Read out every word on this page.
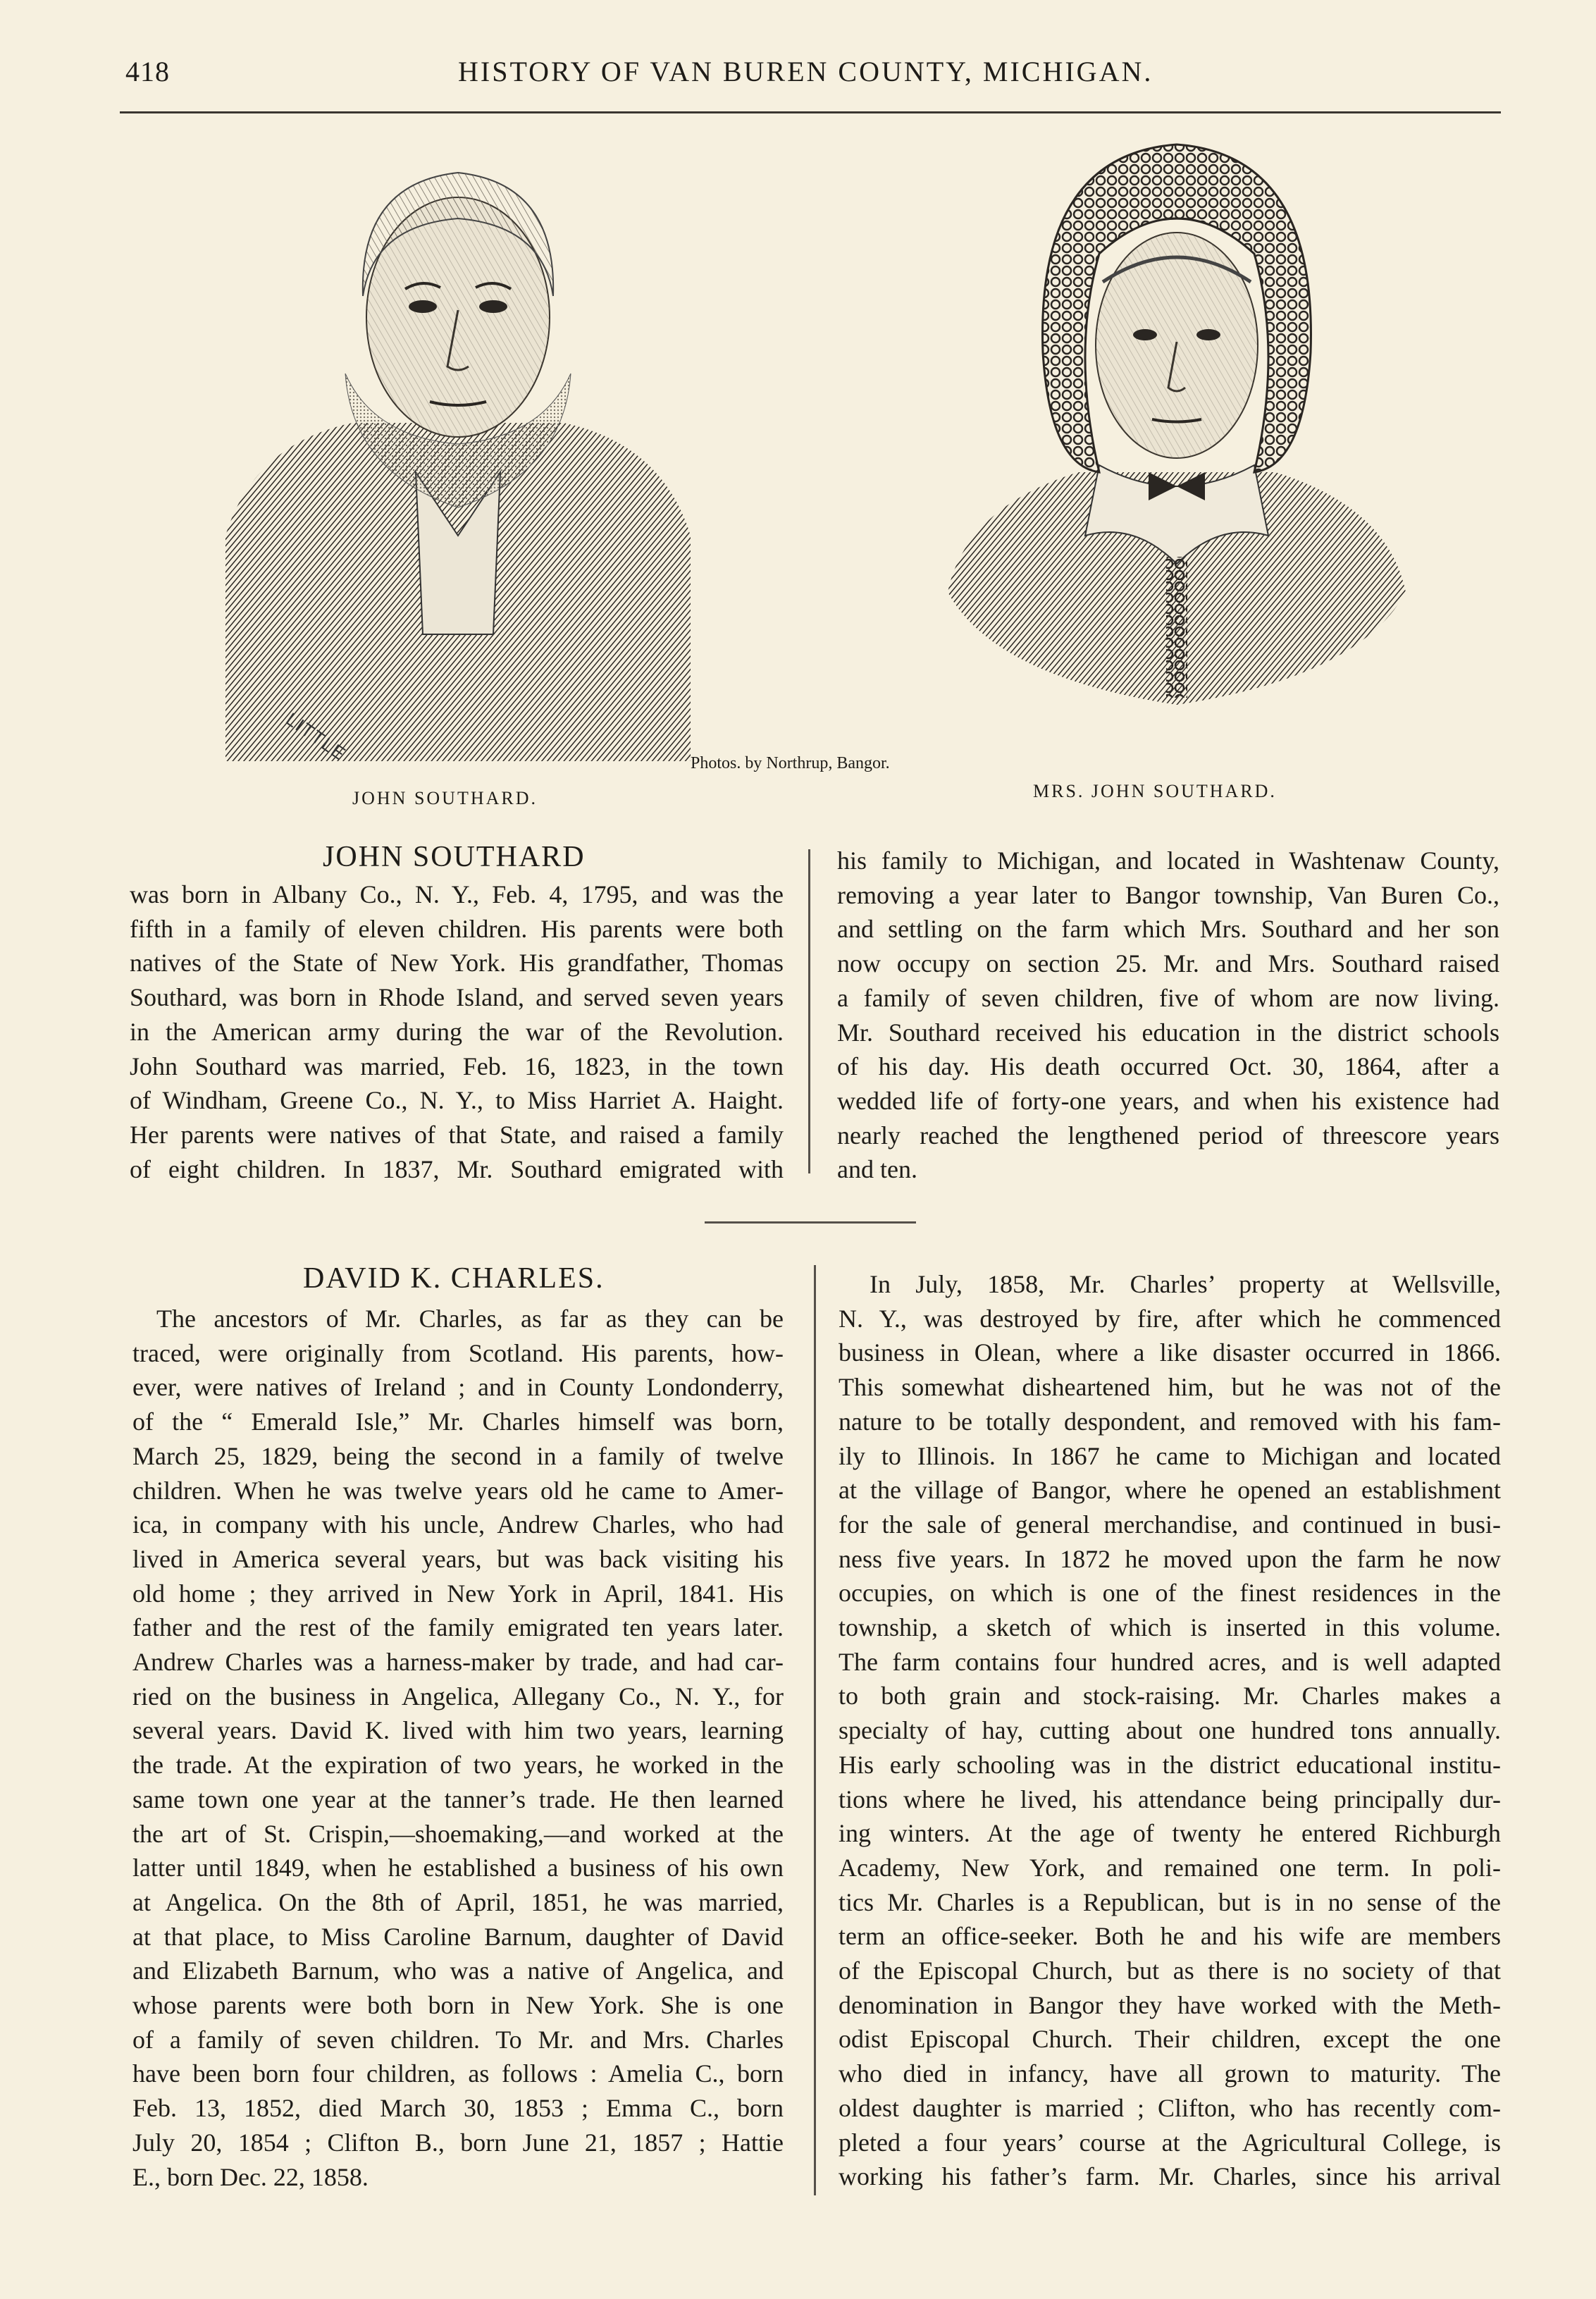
418	HISTORY OF VAN BUREN COUNTY, MICHIGAN.
LITTLE	Photos. by Northrup, Bangor.
JOHN SOUTHARD.	MRS. JOHN SOUTHARD.
JOHN SOUTHARD
was born in Albany Co., N. Y., Feb. 4, 1795, and was the
fifth in a family of eleven children. His parents were both
natives of the State of New York. His grandfather, Thomas
Southard, was born in Rhode Island, and served seven years
in the American army during the war of the Revolution.
John Southard was married, Feb. 16, 1823, in the town
of Windham, Greene Co., N. Y., to Miss Harriet A. Haight.
Her parents were natives of that State, and raised a family
of eight children. In 1837, Mr. Southard emigrated with
his family to Michigan, and located in Washtenaw County,
removing a year later to Bangor township, Van Buren Co.,
and settling on the farm which Mrs. Southard and her son
now occupy on section 25. Mr. and Mrs. Southard raised
a family of seven children, five of whom are now living.
Mr. Southard received his education in the district schools
of his day. His death occurred Oct. 30, 1864, after a
wedded life of forty-one years, and when his existence had
nearly reached the lengthened period of threescore years
and ten.
DAVID K. CHARLES.
The ancestors of Mr. Charles, as far as they can be
traced, were originally from Scotland. His parents, how-
ever, were natives of Ireland ; and in County Londonderry,
of the “ Emerald Isle,” Mr. Charles himself was born,
March 25, 1829, being the second in a family of twelve
children. When he was twelve years old he came to Amer-
ica, in company with his uncle, Andrew Charles, who had
lived in America several years, but was back visiting his
old home ; they arrived in New York in April, 1841. His
father and the rest of the family emigrated ten years later.
Andrew Charles was a harness-maker by trade, and had car-
ried on the business in Angelica, Allegany Co., N. Y., for
several years. David K. lived with him two years, learning
the trade. At the expiration of two years, he worked in the
same town one year at the tanner’s trade. He then learned
the art of St. Crispin,—shoemaking,—and worked at the
latter until 1849, when he established a business of his own
at Angelica. On the 8th of April, 1851, he was married,
at that place, to Miss Caroline Barnum, daughter of David
and Elizabeth Barnum, who was a native of Angelica, and
whose parents were both born in New York. She is one
of a family of seven children. To Mr. and Mrs. Charles
have been born four children, as follows : Amelia C., born
Feb. 13, 1852, died March 30, 1853 ; Emma C., born
July 20, 1854 ; Clifton B., born June 21, 1857 ; Hattie
E., born Dec. 22, 1858.
In July, 1858, Mr. Charles’ property at Wellsville,
N. Y., was destroyed by fire, after which he commenced
business in Olean, where a like disaster occurred in 1866.
This somewhat disheartened him, but he was not of the
nature to be totally despondent, and removed with his fam-
ily to Illinois. In 1867 he came to Michigan and located
at the village of Bangor, where he opened an establishment
for the sale of general merchandise, and continued in busi-
ness five years. In 1872 he moved upon the farm he now
occupies, on which is one of the finest residences in the
township, a sketch of which is inserted in this volume.
The farm contains four hundred acres, and is well adapted
to both grain and stock-raising. Mr. Charles makes a
specialty of hay, cutting about one hundred tons annually.
His early schooling was in the district educational institu-
tions where he lived, his attendance being principally dur-
ing winters. At the age of twenty he entered Richburgh
Academy, New York, and remained one term. In poli-
tics Mr. Charles is a Republican, but is in no sense of the
term an office-seeker. Both he and his wife are members
of the Episcopal Church, but as there is no society of that
denomination in Bangor they have worked with the Meth-
odist Episcopal Church. Their children, except the one
who died in infancy, have all grown to maturity. The
oldest daughter is married ; Clifton, who has recently com-
pleted a four years’ course at the Agricultural College, is
working his father’s farm. Mr. Charles, since his arrival
